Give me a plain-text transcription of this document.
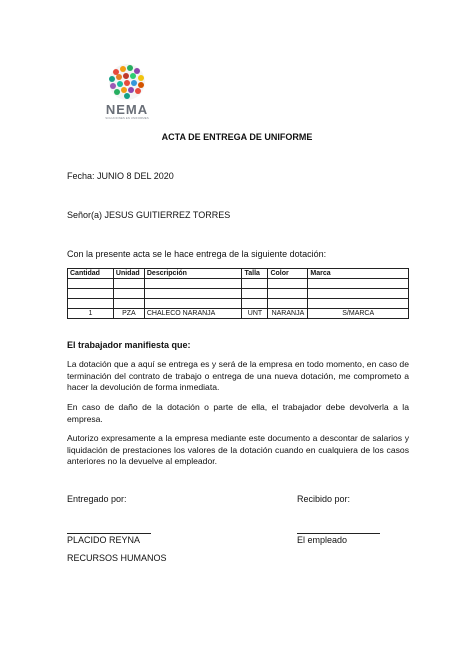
NEMA
SOLUCIONES EN UNIFORMES
ACTA DE ENTREGA DE UNIFORME
Fecha: JUNIO 8 DEL 2020
Señor(a) JESUS GUITIERREZ TORRES
Con la presente acta se le hace entrega de la siguiente dotación:
Cantidad	Unidad	Descripción	Talla	Color	Marca

1	PZA	CHALECO NARANJA	UNT	NARANJA	S/MARCA
El trabajador manifiesta que:

La dotación que a aquí se entrega es y será de la empresa en todo momento, en caso de terminación del contrato de trabajo o entrega de una nueva dotación, me comprometo a hacer la devolución de forma inmediata.

En caso de daño de la dotación o parte de ella, el trabajador debe devolverla a la empresa.

Autorizo expresamente a la empresa mediante este documento a descontar de salarios y liquidación de prestaciones los valores de la dotación cuando en cualquiera de los casos anteriores no la devuelve al empleador.

Entregado por:	Recibido por:
PLACIDO REYNA	El empleado
RECURSOS HUMANOS
